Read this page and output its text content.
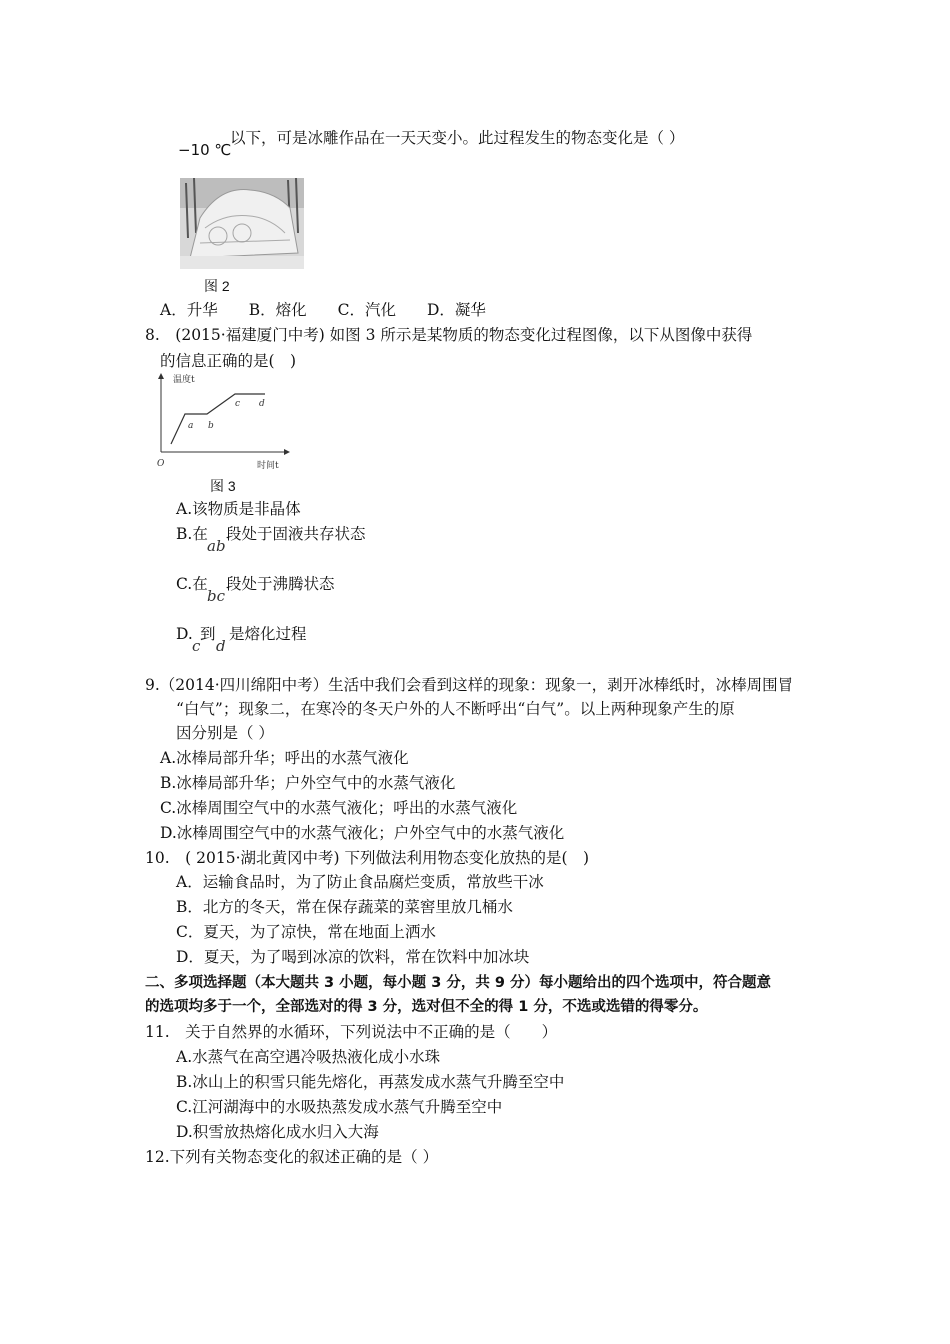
−10 ℃
以下，可是冰雕作品在一天天变小。此过程发生的物态变化是（ ）
图 2
A．升华　　B．熔化　　C．汽化　　D．凝华
8.　(2015·福建厦门中考) 如图 3 所示是某物质的物态变化过程图像，以下从图像中获得
的信息正确的是(　)
温度t
时间t
O
a b
c d
图 3
A.该物质是非晶体
B.在
ab
段处于固液共存状态
C.在
bc
段处于沸腾状态
D.
c
到
d
是熔化过程
9.（2014·四川绵阳中考）生活中我们会看到这样的现象：现象一，剥开冰棒纸时，冰棒周围冒
“白气”；现象二，在寒冷的冬天户外的人不断呼出“白气”。以上两种现象产生的原
因分别是（ ）
A.冰棒局部升华；呼出的水蒸气液化
B.冰棒局部升华；户外空气中的水蒸气液化
C.冰棒周围空气中的水蒸气液化；呼出的水蒸气液化
D.冰棒周围空气中的水蒸气液化；户外空气中的水蒸气液化
10.　( 2015·湖北黄冈中考) 下列做法利用物态变化放热的是(　)
A．运输食品时，为了防止食品腐烂变质，常放些干冰
B．北方的冬天，常在保存蔬菜的菜窖里放几桶水
C．夏天，为了凉快，常在地面上洒水
D．夏天，为了喝到冰凉的饮料，常在饮料中加冰块
二、多项选择题（本大题共 3 小题，每小题 3 分，共 9 分）每小题给出的四个选项中，符合题意
的选项均多于一个，全部选对的得 3 分，选对但不全的得 1 分，不选或选错的得零分。
11.　关于自然界的水循环，下列说法中不正确的是（　　）
A.水蒸气在高空遇冷吸热液化成小水珠
B.冰山上的积雪只能先熔化，再蒸发成水蒸气升腾至空中
C.江河湖海中的水吸热蒸发成水蒸气升腾至空中
D.积雪放热熔化成水归入大海
12.下列有关物态变化的叙述正确的是（ ）
